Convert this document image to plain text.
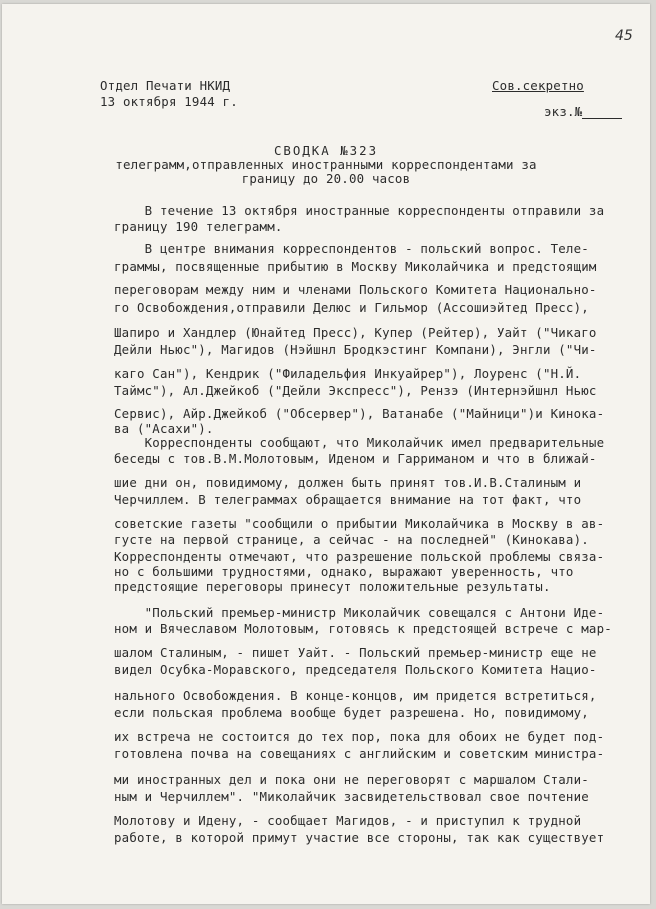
45
Отдел Печати НКИД
13 октября 1944 г.
Сов.секретно
экз.№
СВОДКА №323
телеграмм,отправленных иностранными корреспондентами за
границу до 20.00 часов
В течение 13 октября иностранные корреспонденты отправили за
границу 190 телеграмм.
В центре внимания корреспондентов - польский вопрос. Теле-
граммы, посвященные прибытию в Москву Миколайчика и предстоящим
переговорам между ним и членами Польского Комитета Национально-
го Освобождения,отправили Делюс и Гильмор (Ассошиэйтед Пресс),
Шапиро и Хандлер (Юнайтед Пресс), Купер (Рейтер), Уайт ("Чикаго
Дейли Ньюс"), Магидов (Нэйшнл Бродкэстинг Компани), Энгли ("Чи-
каго Сан"), Кендрик ("Филадельфия Инкуайрер"), Лоуренс ("Н.Й.
Таймс"), Ал.Джейкоб ("Дейли Экспресс"), Рензэ (Интернэйшнл Ньюс
Сервис), Айр.Джейкоб ("Обсервер"), Ватанабе ("Майници")и Кинока-
ва ("Асахи").
Корреспонденты сообщают, что Миколайчик имел предварительные
беседы с тов.В.М.Молотовым, Иденом и Гарриманом и что в ближай-
шие дни он, повидимому, должен быть принят тов.И.В.Сталиным и
Черчиллем. В телеграммах обращается внимание на тот факт, что
советские газеты "сообщили о прибытии Миколайчика в Москву в ав-
густе на первой странице, а сейчас - на последней" (Кинокава).
Корреспонденты отмечают, что разрешение польской проблемы связа-
но с большими трудностями, однако, выражают уверенность, что
предстоящие переговоры принесут положительные результаты.
"Польский премьер-министр Миколайчик совещался с Антони Иде-
ном и Вячеславом Молотовым, готовясь к предстоящей встрече с мар-
шалом Сталиным, - пишет Уайт. - Польский премьер-министр еще не
видел Осубка-Моравского, председателя Польского Комитета Нацио-
нального Освобождения. В конце-концов, им придется встретиться,
если польская проблема вообще будет разрешена. Но, повидимому,
их встреча не состоится до тех пор, пока для обоих не будет под-
готовлена почва на совещаниях с английским и советским министра-
ми иностранных дел и пока они не переговорят с маршалом Стали-
ным и Черчиллем". "Миколайчик засвидетельствовал свое почтение
Молотову и Идену, - сообщает Магидов, - и приступил к трудной
работе, в которой примут участие все стороны, так как существует
